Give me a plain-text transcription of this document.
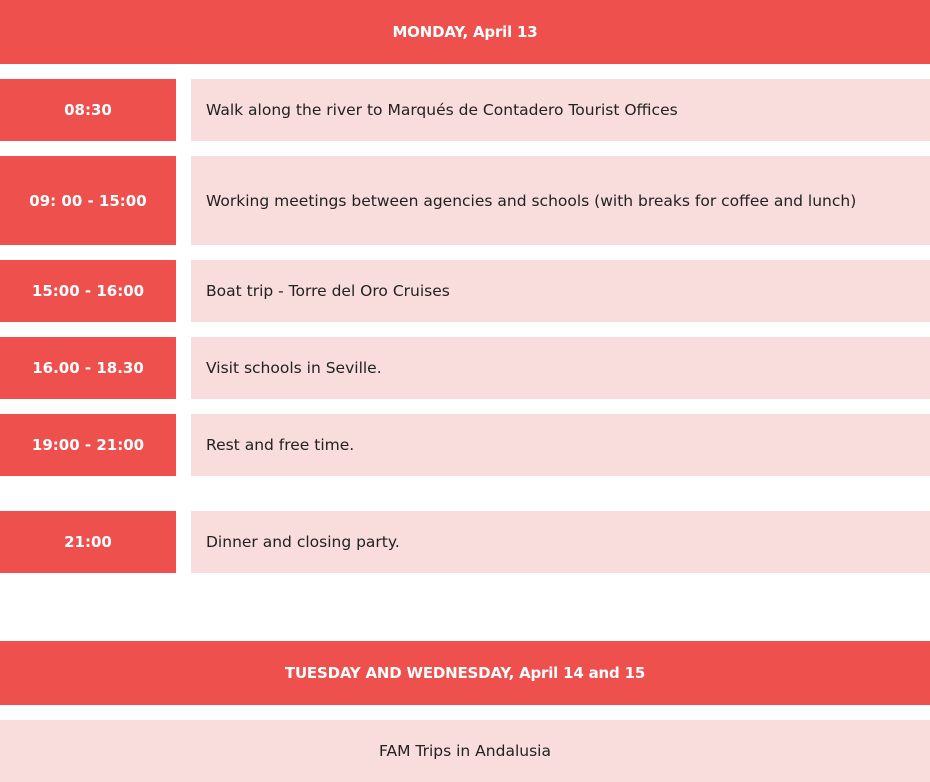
MONDAY, April 13
08:30	Walk along the river to Marqués de Contadero Tourist Offices
09: 00 - 15:00	Working meetings between agencies and schools (with breaks for coffee and lunch)
15:00 - 16:00	Boat trip - Torre del Oro Cruises
16.00 - 18.30	Visit schools in Seville.
19:00 - 21:00	Rest and free time.
21:00	Dinner and closing party.
TUESDAY AND WEDNESDAY, April 14 and 15
FAM Trips in Andalusia
